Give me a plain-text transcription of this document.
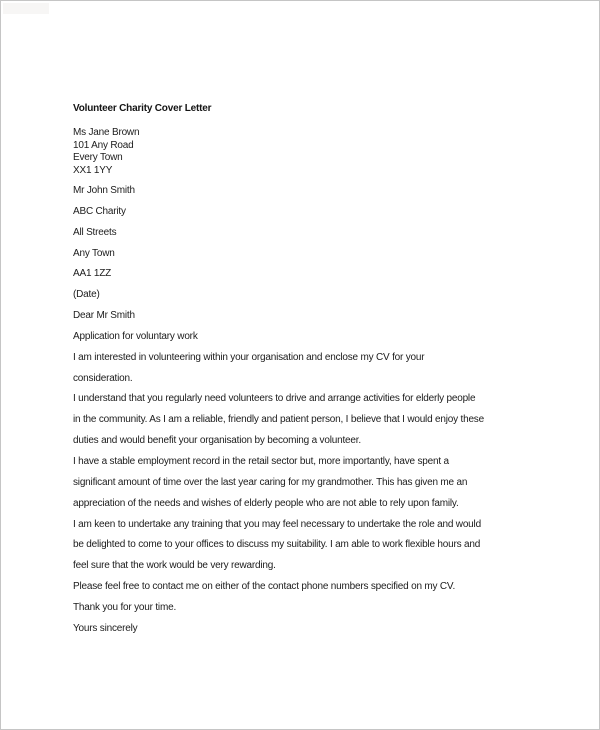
Volunteer Charity Cover Letter
Ms Jane Brown
101 Any Road
Every Town
XX1 1YY
Mr John Smith
ABC Charity
All Streets
Any Town
AA1 1ZZ
(Date)
Dear Mr Smith
Application for voluntary work
I am interested in volunteering within your organisation and enclose my CV for your
consideration.
I understand that you regularly need volunteers to drive and arrange activities for elderly people
in the community. As I am a reliable, friendly and patient person, I believe that I would enjoy these
duties and would benefit your organisation by becoming a volunteer.
I have a stable employment record in the retail sector but, more importantly, have spent a
significant amount of time over the last year caring for my grandmother. This has given me an
appreciation of the needs and wishes of elderly people who are not able to rely upon family.
I am keen to undertake any training that you may feel necessary to undertake the role and would
be delighted to come to your offices to discuss my suitability. I am able to work flexible hours and
feel sure that the work would be very rewarding.
Please feel free to contact me on either of the contact phone numbers specified on my CV.
Thank you for your time.
Yours sincerely
